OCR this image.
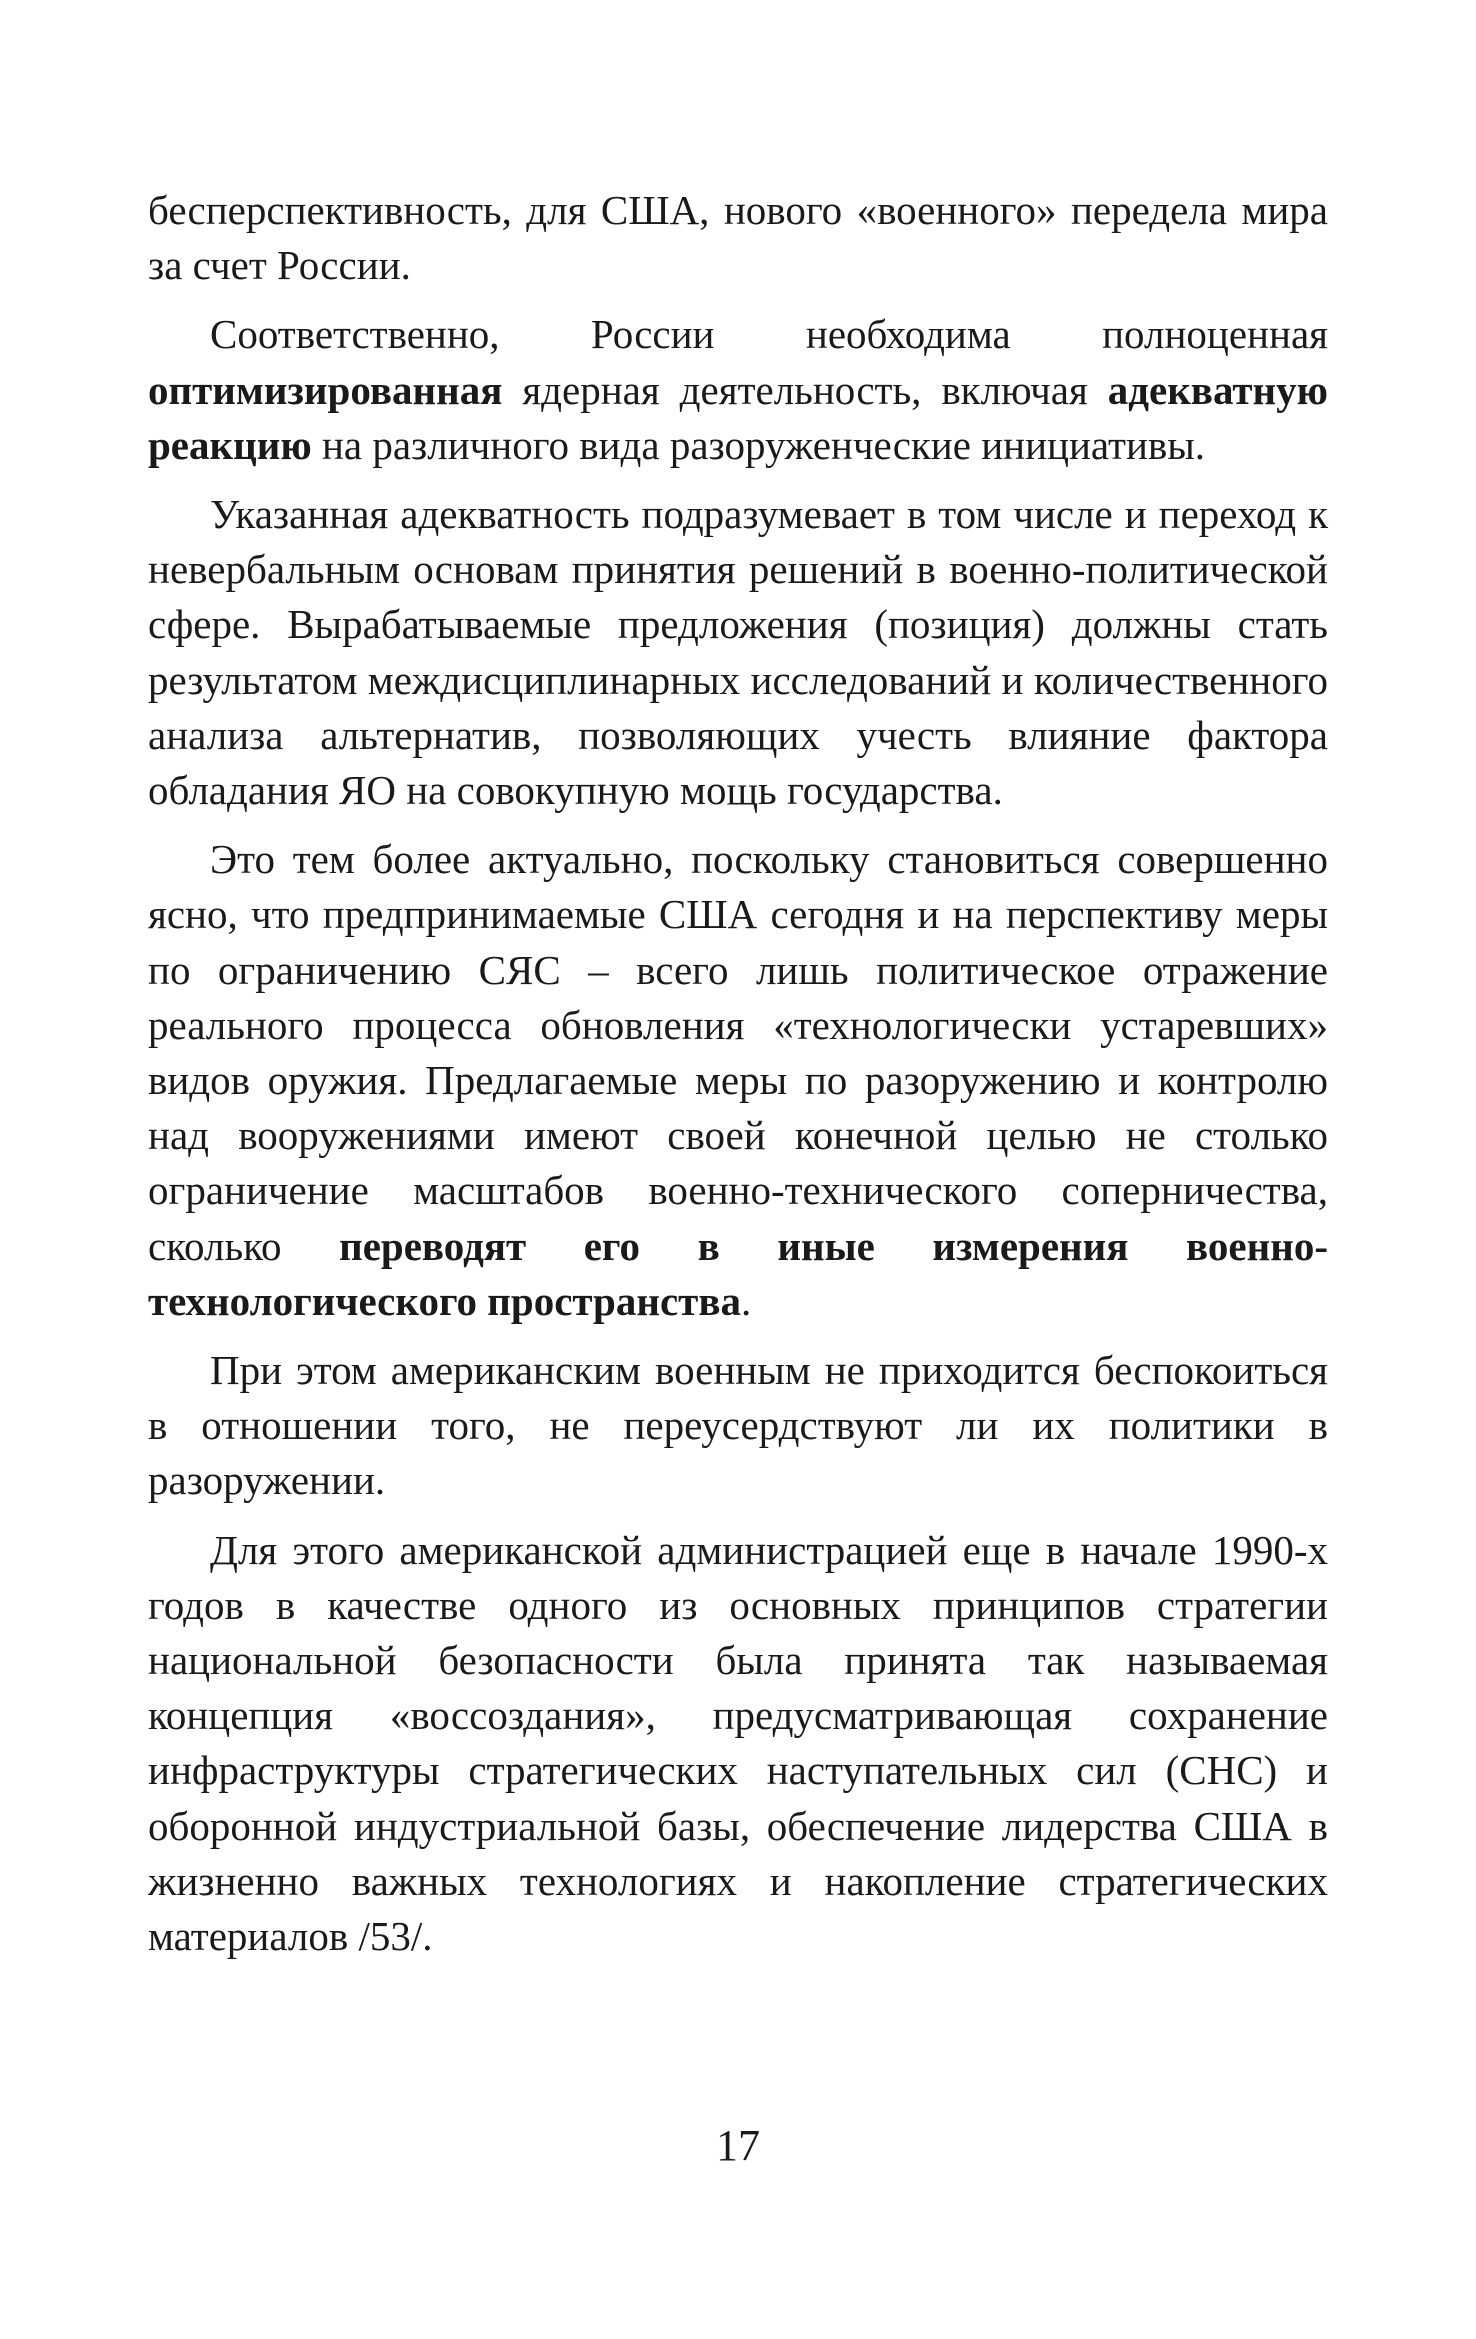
бесперспективность, для США, нового «военного» передела мира за счет России.

Соответственно, России необходима полноценная оптимизированная ядерная деятельность, включая адекватную реакцию на различного вида разоруженческие инициативы.

Указанная адекватность подразумевает в том числе и переход к невербальным основам принятия решений в военно-политической сфере. Вырабатываемые предложения (позиция) должны стать результатом междисциплинарных исследований и количественного анализа альтернатив, позволяющих учесть влияние фактора обладания ЯО на совокупную мощь государства.

Это тем более актуально, поскольку становиться совершенно ясно, что предпринимаемые США сегодня и на перспективу меры по ограничению СЯС – всего лишь политическое отражение реального процесса обновления «технологически устаревших» видов оружия. Предлагаемые меры по разоружению и контролю над вооружениями имеют своей конечной целью не столько ограничение масштабов военно-технического соперничества, сколько переводят его в иные измерения военно-технологического пространства.

При этом американским военным не приходится беспокоиться в отношении того, не переусердствуют ли их политики в разоружении.

Для этого американской администрацией еще в начале 1990-х годов в качестве одного из основных принципов стратегии национальной безопасности была принята так называемая концепция «воссоздания», предусматривающая сохранение инфраструктуры стратегических наступательных сил (СНС) и оборонной индустриальной базы, обеспечение лидерства США в жизненно важных технологиях и накопление стратегических материалов /53/.

17
